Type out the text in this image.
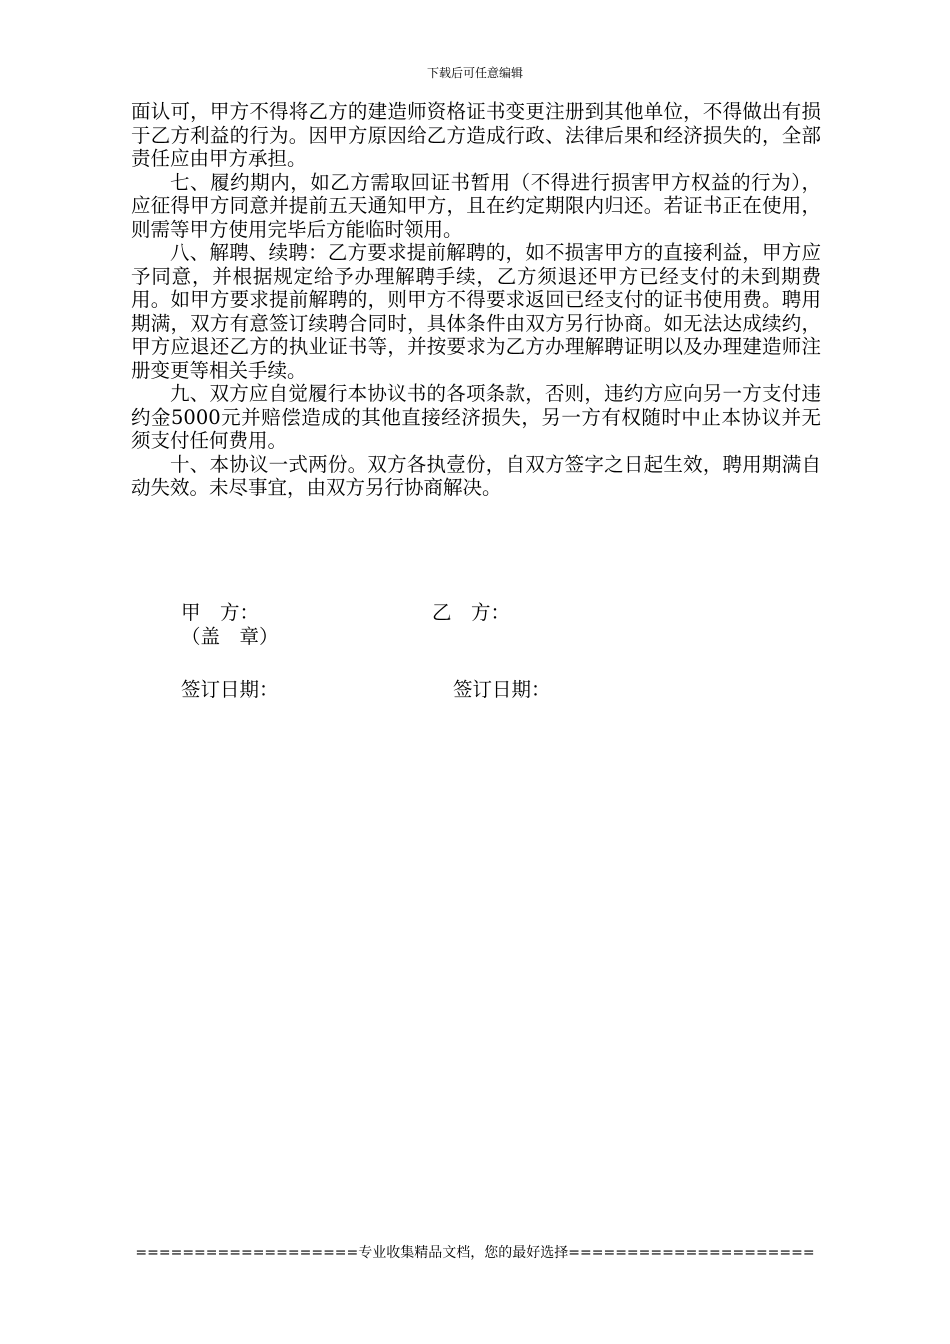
下载后可任意编辑

面认可，甲方不得将乙方的建造师资格证书变更注册到其他单位，不得做出有损于乙方利益的行为。因甲方原因给乙方造成行政、法律后果和经济损失的，全部责任应由甲方承担。

七、履约期内，如乙方需取回证书暂用（不得进行损害甲方权益的行为），应征得甲方同意并提前五天通知甲方，且在约定期限内归还。若证书正在使用，则需等甲方使用完毕后方能临时领用。

八、解聘、续聘：乙方要求提前解聘的，如不损害甲方的直接利益，甲方应予同意，并根据规定给予办理解聘手续，乙方须退还甲方已经支付的未到期费用。如甲方要求提前解聘的，则甲方不得要求返回已经支付的证书使用费。聘用期满，双方有意签订续聘合同时，具体条件由双方另行协商。如无法达成续约，甲方应退还乙方的执业证书等，并按要求为乙方办理解聘证明以及办理建造师注册变更等相关手续。

九、双方应自觉履行本协议书的各项条款，否则，违约方应向另一方支付违约金5000元并赔偿造成的其他直接经济损失，另一方有权随时中止本协议并无须支付任何费用。

十、本协议一式两份。双方各执壹份，自双方签字之日起生效，聘用期满自动失效。未尽事宜，由双方另行协商解决。

甲　方：	乙　方：
（盖　章）
签订日期：	签订日期：
===================专业收集精品文档，您的最好选择=====================
